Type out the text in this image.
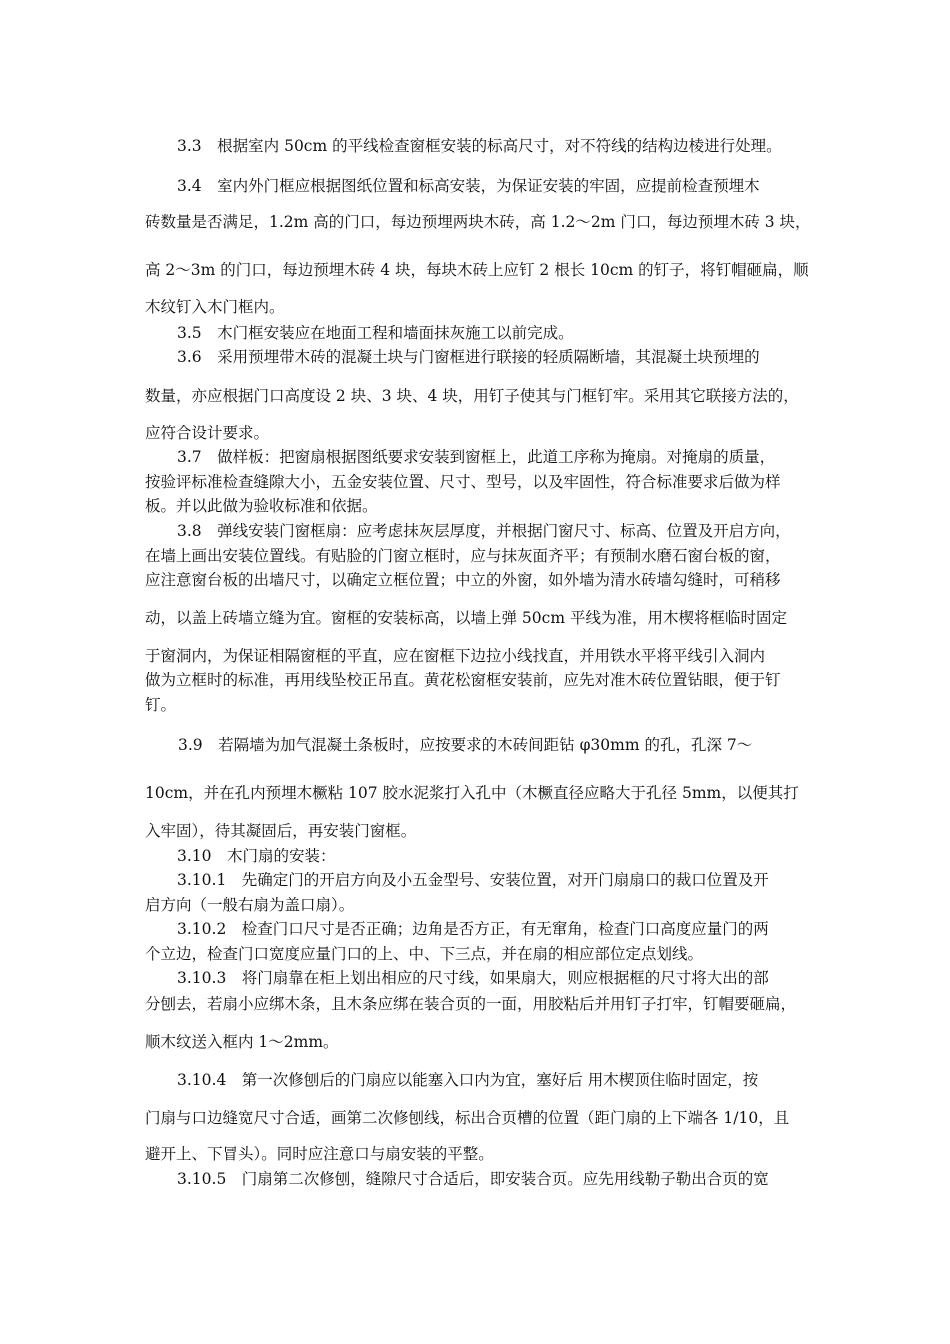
3.3　根据室内 50cm 的平线检查窗框安装的标高尺寸，对不符线的结构边棱进行处理。

3.4　室内外门框应根据图纸位置和标高安装，为保证安装的牢固，应提前检查预埋木

砖数量是否满足，1.2m 高的门口，每边预埋两块木砖，高 1.2～2m 门口，每边预埋木砖 3 块，

高 2～3m 的门口，每边预埋木砖 4 块，每块木砖上应钉 2 根长 10cm 的钉子，将钉帽砸扁，顺

木纹钉入木门框内。

3.5　木门框安装应在地面工程和墙面抹灰施工以前完成。

3.6　采用预埋带木砖的混凝土块与门窗框进行联接的轻质隔断墙，其混凝土块预埋的

数量，亦应根据门口高度设 2 块、3 块、4 块，用钉子使其与门框钉牢。采用其它联接方法的，

应符合设计要求。

3.7　做样板：把窗扇根据图纸要求安装到窗框上，此道工序称为掩扇。对掩扇的质量，

按验评标准检查缝隙大小，五金安装位置、尺寸、型号，以及牢固性，符合标准要求后做为样

板。并以此做为验收标准和依据。

3.8　弹线安装门窗框扇：应考虑抹灰层厚度，并根据门窗尺寸、标高、位置及开启方向，

在墙上画出安装位置线。有贴脸的门窗立框时，应与抹灰面齐平；有预制水磨石窗台板的窗，

应注意窗台板的出墙尺寸，以确定立框位置；中立的外窗，如外墙为清水砖墙勾缝时，可稍移

动，以盖上砖墙立缝为宜。窗框的安装标高，以墙上弹 50cm 平线为准，用木楔将框临时固定

于窗洞内，为保证相隔窗框的平直，应在窗框下边拉小线找直，并用铁水平将平线引入洞内

做为立框时的标准，再用线坠校正吊直。黄花松窗框安装前，应先对准木砖位置钻眼，便于钉

钉。

3.9　若隔墙为加气混凝土条板时，应按要求的木砖间距钻 φ30mm 的孔，孔深 7～

10cm，并在孔内预埋木橛粘 107 胶水泥浆打入孔中（木橛直径应略大于孔径 5mm，以便其打

入牢固），待其凝固后，再安装门窗框。

3.10　木门扇的安装：

3.10.1　先确定门的开启方向及小五金型号、安装位置，对开门扇扇口的裁口位置及开

启方向（一般右扇为盖口扇）。

3.10.2　检查门口尺寸是否正确；边角是否方正，有无窜角，检查门口高度应量门的两

个立边，检查门口宽度应量门口的上、中、下三点，并在扇的相应部位定点划线。

3.10.3　将门扇靠在柜上划出相应的尺寸线，如果扇大，则应根据框的尺寸将大出的部

分刨去，若扇小应绑木条，且木条应绑在装合页的一面，用胶粘后并用钉子打牢，钉帽要砸扁，

顺木纹送入框内 1～2mm。

3.10.4　第一次修刨后的门扇应以能塞入口内为宜，塞好后 用木楔顶住临时固定，按

门扇与口边缝宽尺寸合适，画第二次修刨线，标出合页槽的位置（距门扇的上下端各 1/10，且

避开上、下冒头）。同时应注意口与扇安装的平整。

3.10.5　门扇第二次修刨，缝隙尺寸合适后，即安装合页。应先用线勒子勒出合页的宽
